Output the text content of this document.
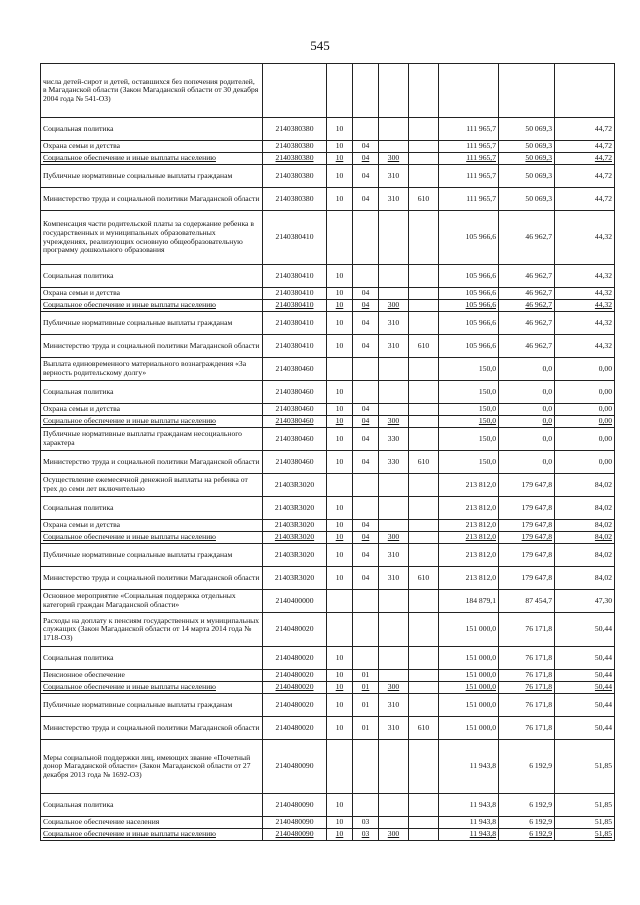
545
числа детей-сирот и детей, оставшихся без попечения родителей, в Магаданской области (Закон Магаданской области от 30 декабря 2004 года № 541-ОЗ)								
Социальная политика	2140380380	10				111 965,7	50 069,3	44,72
Охрана семьи и детства	2140380380	10	04			111 965,7	50 069,3	44,72
Социальное обеспечение и иные выплаты населению	2140380380	10	04	300		111 965,7	50 069,3	44,72
Публичные нормативные социальные выплаты гражданам	2140380380	10	04	310		111 965,7	50 069,3	44,72
Министерство труда и социальной политики Магаданской области	2140380380	10	04	310	610	111 965,7	50 069,3	44,72
Компенсация части родительской платы за содержание ребенка в государственных и муниципальных образовательных учреждениях, реализующих основную общеобразовательную программу дошкольного образования	2140380410					105 966,6	46 962,7	44,32
Социальная политика	2140380410	10				105 966,6	46 962,7	44,32
Охрана семьи и детства	2140380410	10	04			105 966,6	46 962,7	44,32
Социальное обеспечение и иные выплаты населению	2140380410	10	04	300		105 966,6	46 962,7	44,32
Публичные нормативные социальные выплаты гражданам	2140380410	10	04	310		105 966,6	46 962,7	44,32
Министерство труда и социальной политики Магаданской области	2140380410	10	04	310	610	105 966,6	46 962,7	44,32
Выплата единовременного материального вознаграждения «За верность родительскому долгу»	2140380460					150,0	0,0	0,00
Социальная политика	2140380460	10				150,0	0,0	0,00
Охрана семьи и детства	2140380460	10	04			150,0	0,0	0,00
Социальное обеспечение и иные выплаты населению	2140380460	10	04	300		150,0	0,0	0,00
Публичные нормативные выплаты гражданам несоциального характера	2140380460	10	04	330		150,0	0,0	0,00
Министерство труда и социальной политики Магаданской области	2140380460	10	04	330	610	150,0	0,0	0,00
Осуществление ежемесячной денежной выплаты на ребенка от трех до семи лет включительно	21403R3020					213 812,0	179 647,8	84,02
Социальная политика	21403R3020	10				213 812,0	179 647,8	84,02
Охрана семьи и детства	21403R3020	10	04			213 812,0	179 647,8	84,02
Социальное обеспечение и иные выплаты населению	21403R3020	10	04	300		213 812,0	179 647,8	84,02
Публичные нормативные социальные выплаты гражданам	21403R3020	10	04	310		213 812,0	179 647,8	84,02
Министерство труда и социальной политики Магаданской области	21403R3020	10	04	310	610	213 812,0	179 647,8	84,02
Основное мероприятие «Социальная поддержка отдельных категорий граждан Магаданской области»	2140400000					184 879,1	87 454,7	47,30
Расходы на доплату к пенсиям государственных и муниципальных служащих (Закон Магаданской области от 14 марта 2014 года № 1718-ОЗ)	2140480020					151 000,0	76 171,8	50,44
Социальная политика	2140480020	10				151 000,0	76 171,8	50,44
Пенсионное обеспечение	2140480020	10	01			151 000,0	76 171,8	50,44
Социальное обеспечение и иные выплаты населению	2140480020	10	01	300		151 000,0	76 171,8	50,44
Публичные нормативные социальные выплаты гражданам	2140480020	10	01	310		151 000,0	76 171,8	50,44
Министерство труда и социальной политики Магаданской области	2140480020	10	01	310	610	151 000,0	76 171,8	50,44
Меры социальной поддержки лиц, имеющих звание «Почетный донор Магаданской области» (Закон Магаданской области от 27 декабря 2013 года № 1692-ОЗ)	2140480090					11 943,8	6 192,9	51,85
Социальная политика	2140480090	10				11 943,8	6 192,9	51,85
Социальное обеспечение населения	2140480090	10	03			11 943,8	6 192,9	51,85
Социальное обеспечение и иные выплаты населению	2140480090	10	03	300		11 943,8	6 192,9	51,85
